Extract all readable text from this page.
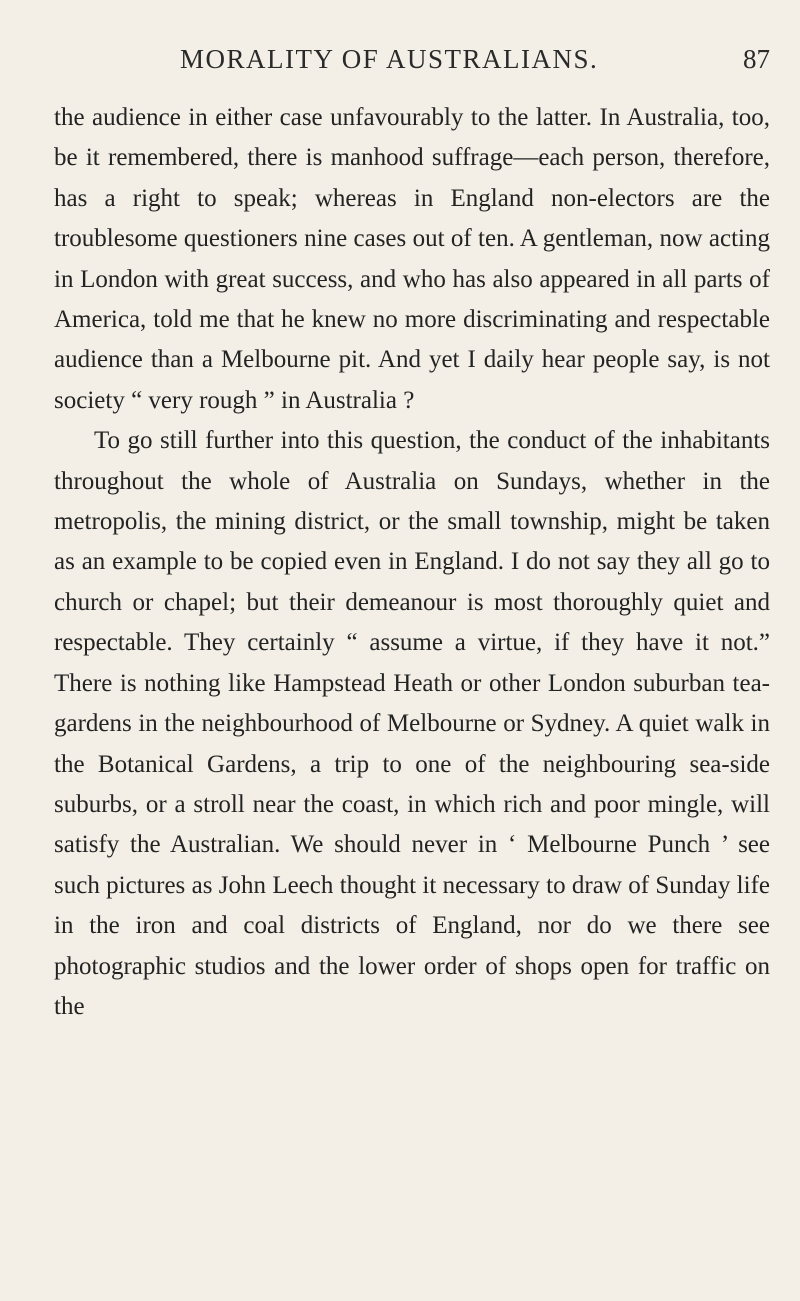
MORALITY OF AUSTRALIANS.	87

the audience in either case unfavourably to the latter. In Australia, too, be it remembered, there is manhood suffrage—each person, therefore, has a right to speak; whereas in England non-electors are the troublesome questioners nine cases out of ten. A gentleman, now acting in London with great success, and who has also appeared in all parts of America, told me that he knew no more discriminating and respectable audience than a Melbourne pit. And yet I daily hear people say, is not society “ very rough ” in Australia ?

To go still further into this question, the conduct of the inhabitants throughout the whole of Australia on Sundays, whether in the metropolis, the mining district, or the small township, might be taken as an example to be copied even in England. I do not say they all go to church or chapel; but their demeanour is most thoroughly quiet and respectable. They certainly “ assume a virtue, if they have it not.” There is nothing like Hampstead Heath or other London suburban tea-gardens in the neighbourhood of Melbourne or Sydney. A quiet walk in the Botanical Gardens, a trip to one of the neighbouring sea-side suburbs, or a stroll near the coast, in which rich and poor mingle, will satisfy the Australian. We should never in ‘ Melbourne Punch ’ see such pictures as John Leech thought it necessary to draw of Sunday life in the iron and coal districts of England, nor do we there see photographic studios and the lower order of shops open for traffic on the
